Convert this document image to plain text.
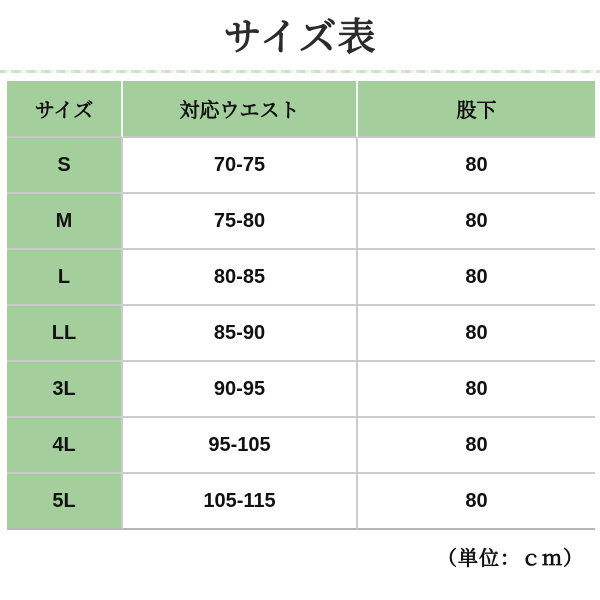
サイズ表
サイズ	対応ウエスト	股下
S	70-75	80
M	75-80	80
L	80-85	80
LL	85-90	80
3L	90-95	80
4L	95-105	80
5L	105-115	80
（単位：ｃｍ）
